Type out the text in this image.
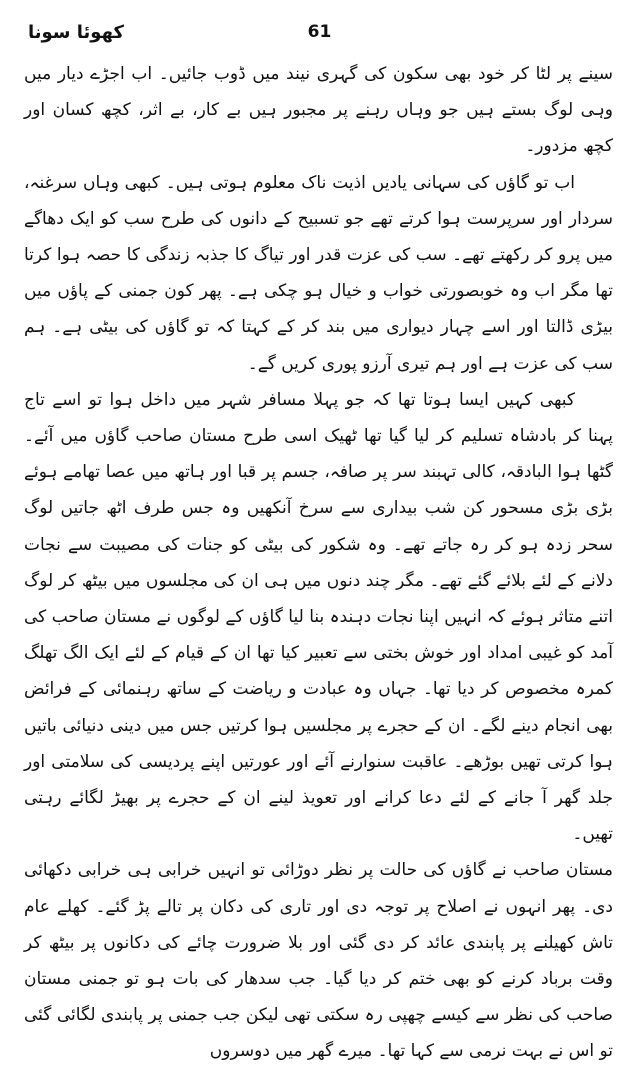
کھوئا سونا	61

سینے پر لٹا کر خود بھی سکون کی گہری نیند میں ڈوب جائیں۔ اب اجڑے دیار میں وہی لوگ بستے ہیں جو وہاں رہنے پر مجبور ہیں بے کار، بے اثر، کچھ کسان اور کچھ مزدور۔

اب تو گاؤں کی سہانی یادیں اذیت ناک معلوم ہوتی ہیں۔ کبھی وہاں سرغنہ، سردار اور سرپرست ہوا کرتے تھے جو تسبیح کے دانوں کی طرح سب کو ایک دھاگے میں پرو کر رکھتے تھے۔ سب کی عزت قدر اور تیاگ کا جذبہ زندگی کا حصہ ہوا کرتا تھا مگر اب وہ خوبصورتی خواب و خیال ہو چکی ہے۔ پھر کون جمنی کے پاؤں میں بیڑی ڈالتا اور اسے چہار دیواری میں بند کر کے کہتا کہ تو گاؤں کی بیٹی ہے۔ ہم سب کی عزت ہے اور ہم تیری آرزو پوری کریں گے۔

کبھی کہیں ایسا ہوتا تھا کہ جو پہلا مسافر شہر میں داخل ہوا تو اسے تاج پہنا کر بادشاہ تسلیم کر لیا گیا تھا ٹھیک اسی طرح مستان صاحب گاؤں میں آئے۔ گٹھا ہوا البادقہ، کالی تہبند سر پر صافہ، جسم پر قبا اور ہاتھ میں عصا تھامے ہوئے بڑی بڑی مسحور کن شب بیداری سے سرخ آنکھیں وہ جس طرف اٹھ جاتیں لوگ سحر زدہ ہو کر رہ جاتے تھے۔ وہ شکور کی بیٹی کو جنات کی مصیبت سے نجات دلانے کے لئے بلائے گئے تھے۔ مگر چند دنوں میں ہی ان کی مجلسوں میں بیٹھ کر لوگ اتنے متاثر ہوئے کہ انہیں اپنا نجات دہندہ بنا لیا گاؤں کے لوگوں نے مستان صاحب کی آمد کو غیبی امداد اور خوش بختی سے تعبیر کیا تھا ان کے قیام کے لئے ایک الگ تھلگ کمرہ مخصوص کر دیا تھا۔ جہاں وہ عبادت و ریاضت کے ساتھ رہنمائی کے فرائض بھی انجام دینے لگے۔ ان کے حجرے پر مجلسیں ہوا کرتیں جس میں دینی دنیائی باتیں ہوا کرتی تھیں بوڑھے۔ عاقبت سنوارنے آئے اور عورتیں اپنے پردیسی کی سلامتی اور جلد گھر آ جانے کے لئے دعا کرانے اور تعویذ لینے ان کے حجرے پر بھیڑ لگائے رہتی تھیں۔

مستان صاحب نے گاؤں کی حالت پر نظر دوڑائی تو انہیں خرابی ہی خرابی دکھائی دی۔ پھر انہوں نے اصلاح پر توجہ دی اور تاری کی دکان پر تالے پڑ گئے۔ کھلے عام تاش کھیلنے پر پابندی عائد کر دی گئی اور بلا ضرورت چائے کی دکانوں پر بیٹھ کر وقت برباد کرنے کو بھی ختم کر دیا گیا۔ جب سدھار کی بات ہو تو جمنی مستان صاحب کی نظر سے کیسے چھپی رہ سکتی تھی لیکن جب جمنی پر پابندی لگائی گئی تو اس نے بہت نرمی سے کہا تھا۔ میرے گھر میں دوسروں
